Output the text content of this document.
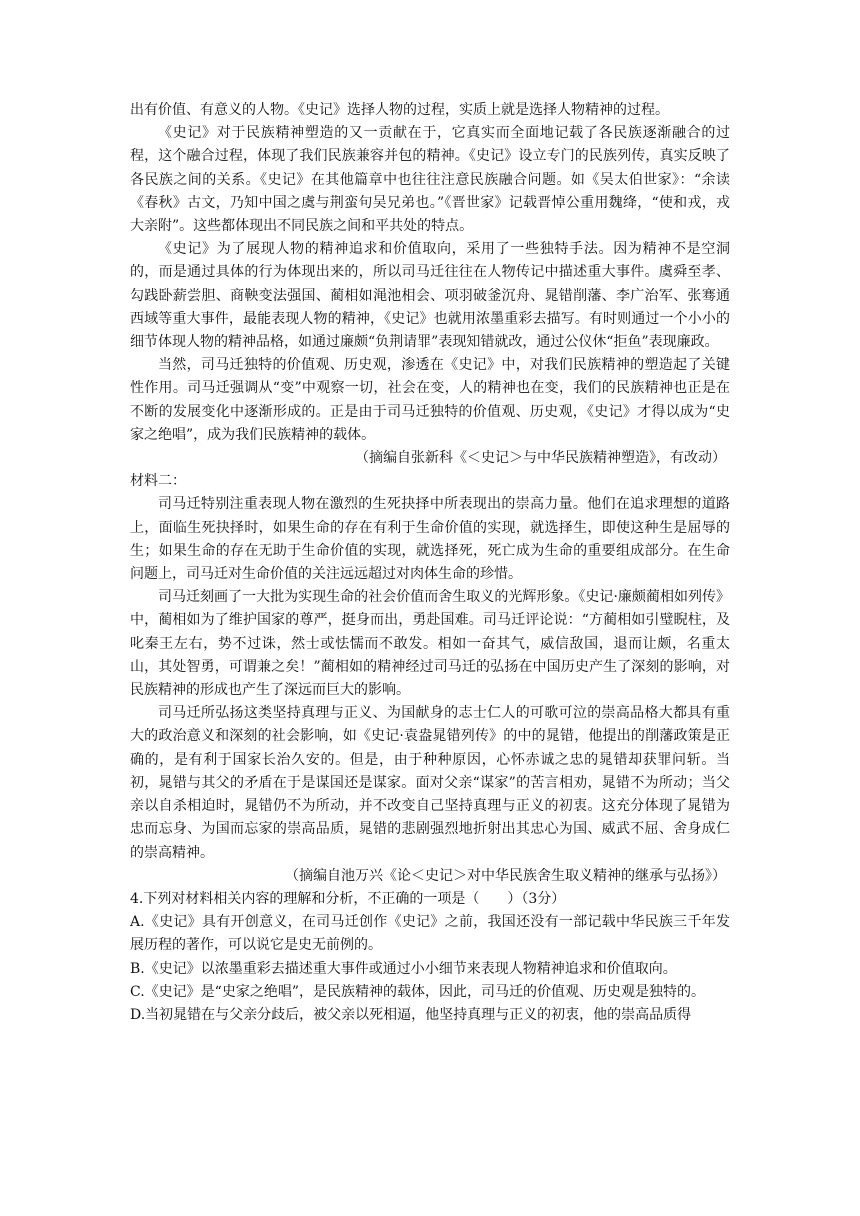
出有价值、有意义的人物。《史记》选择人物的过程，实质上就是选择人物精神的过程。

《史记》对于民族精神塑造的又一贡献在于，它真实而全面地记载了各民族逐渐融合的过程，这个融合过程，体现了我们民族兼容并包的精神。《史记》设立专门的民族列传，真实反映了各民族之间的关系。《史记》在其他篇章中也往往注意民族融合问题。如《吴太伯世家》：“余读《春秋》古文，乃知中国之虞与荆蛮句吴兄弟也。”《晋世家》记载晋悼公重用魏绛，“使和戎，戎大亲附”。这些都体现出不同民族之间和平共处的特点。

《史记》为了展现人物的精神追求和价值取向，采用了一些独特手法。因为精神不是空洞的，而是通过具体的行为体现出来的，所以司马迁往往在人物传记中描述重大事件。虞舜至孝、勾践卧薪尝胆、商鞅变法强国、蔺相如渑池相会、项羽破釜沉舟、晁错削藩、李广治军、张骞通西域等重大事件，最能表现人物的精神，《史记》也就用浓墨重彩去描写。有时则通过一个小小的细节体现人物的精神品格，如通过廉颇“负荆请罪”表现知错就改，通过公仪休“拒鱼”表现廉政。

当然，司马迁独特的价值观、历史观，渗透在《史记》中，对我们民族精神的塑造起了关键性作用。司马迁强调从“变”中观察一切，社会在变，人的精神也在变，我们的民族精神也正是在不断的发展变化中逐渐形成的。正是由于司马迁独特的价值观、历史观，《史记》才得以成为“史家之绝唱”，成为我们民族精神的载体。

（摘编自张新科《＜史记＞与中华民族精神塑造》，有改动）

材料二：

司马迁特别注重表现人物在激烈的生死抉择中所表现出的崇高力量。他们在追求理想的道路上，面临生死抉择时，如果生命的存在有利于生命价值的实现，就选择生，即使这种生是屈辱的生；如果生命的存在无助于生命价值的实现，就选择死，死亡成为生命的重要组成部分。在生命问题上，司马迁对生命价值的关注远远超过对肉体生命的珍惜。

司马迁刻画了一大批为实现生命的社会价值而舍生取义的光辉形象。《史记·廉颇蔺相如列传》中，蔺相如为了维护国家的尊严，挺身而出，勇赴国难。司马迁评论说：“方蔺相如引璧睨柱，及叱秦王左右，势不过诛，然士或怯懦而不敢发。相如一奋其气，威信敌国，退而让颇，名重太山，其处智勇，可谓兼之矣！”蔺相如的精神经过司马迁的弘扬在中国历史产生了深刻的影响，对民族精神的形成也产生了深远而巨大的影响。

司马迁所弘扬这类坚持真理与正义、为国献身的志士仁人的可歌可泣的崇高品格大都具有重大的政治意义和深刻的社会影响，如《史记·袁盎晁错列传》的中的晁错，他提出的削藩政策是正确的，是有利于国家长治久安的。但是，由于种种原因，心怀赤诚之忠的晁错却获罪问斩。当初，晁错与其父的矛盾在于是谋国还是谋家。面对父亲“谋家”的苦言相劝，晁错不为所动；当父亲以自杀相迫时，晁错仍不为所动，并不改变自己坚持真理与正义的初衷。这充分体现了晁错为忠而忘身、为国而忘家的崇高品质，晁错的悲剧强烈地折射出其忠心为国、威武不屈、舍身成仁的崇高精神。

（摘编自池万兴《论＜史记＞对中华民族舍生取义精神的继承与弘扬》）

4.下列对材料相关内容的理解和分析，不正确的一项是（　　）（3分）

A.《史记》具有开创意义，在司马迁创作《史记》之前，我国还没有一部记载中华民族三千年发展历程的著作，可以说它是史无前例的。

B.《史记》以浓墨重彩去描述重大事件或通过小小细节来表现人物精神追求和价值取向。

C.《史记》是“史家之绝唱”，是民族精神的载体，因此，司马迁的价值观、历史观是独特的。

D.当初晁错在与父亲分歧后，被父亲以死相逼，他坚持真理与正义的初衷，他的崇高品质得
